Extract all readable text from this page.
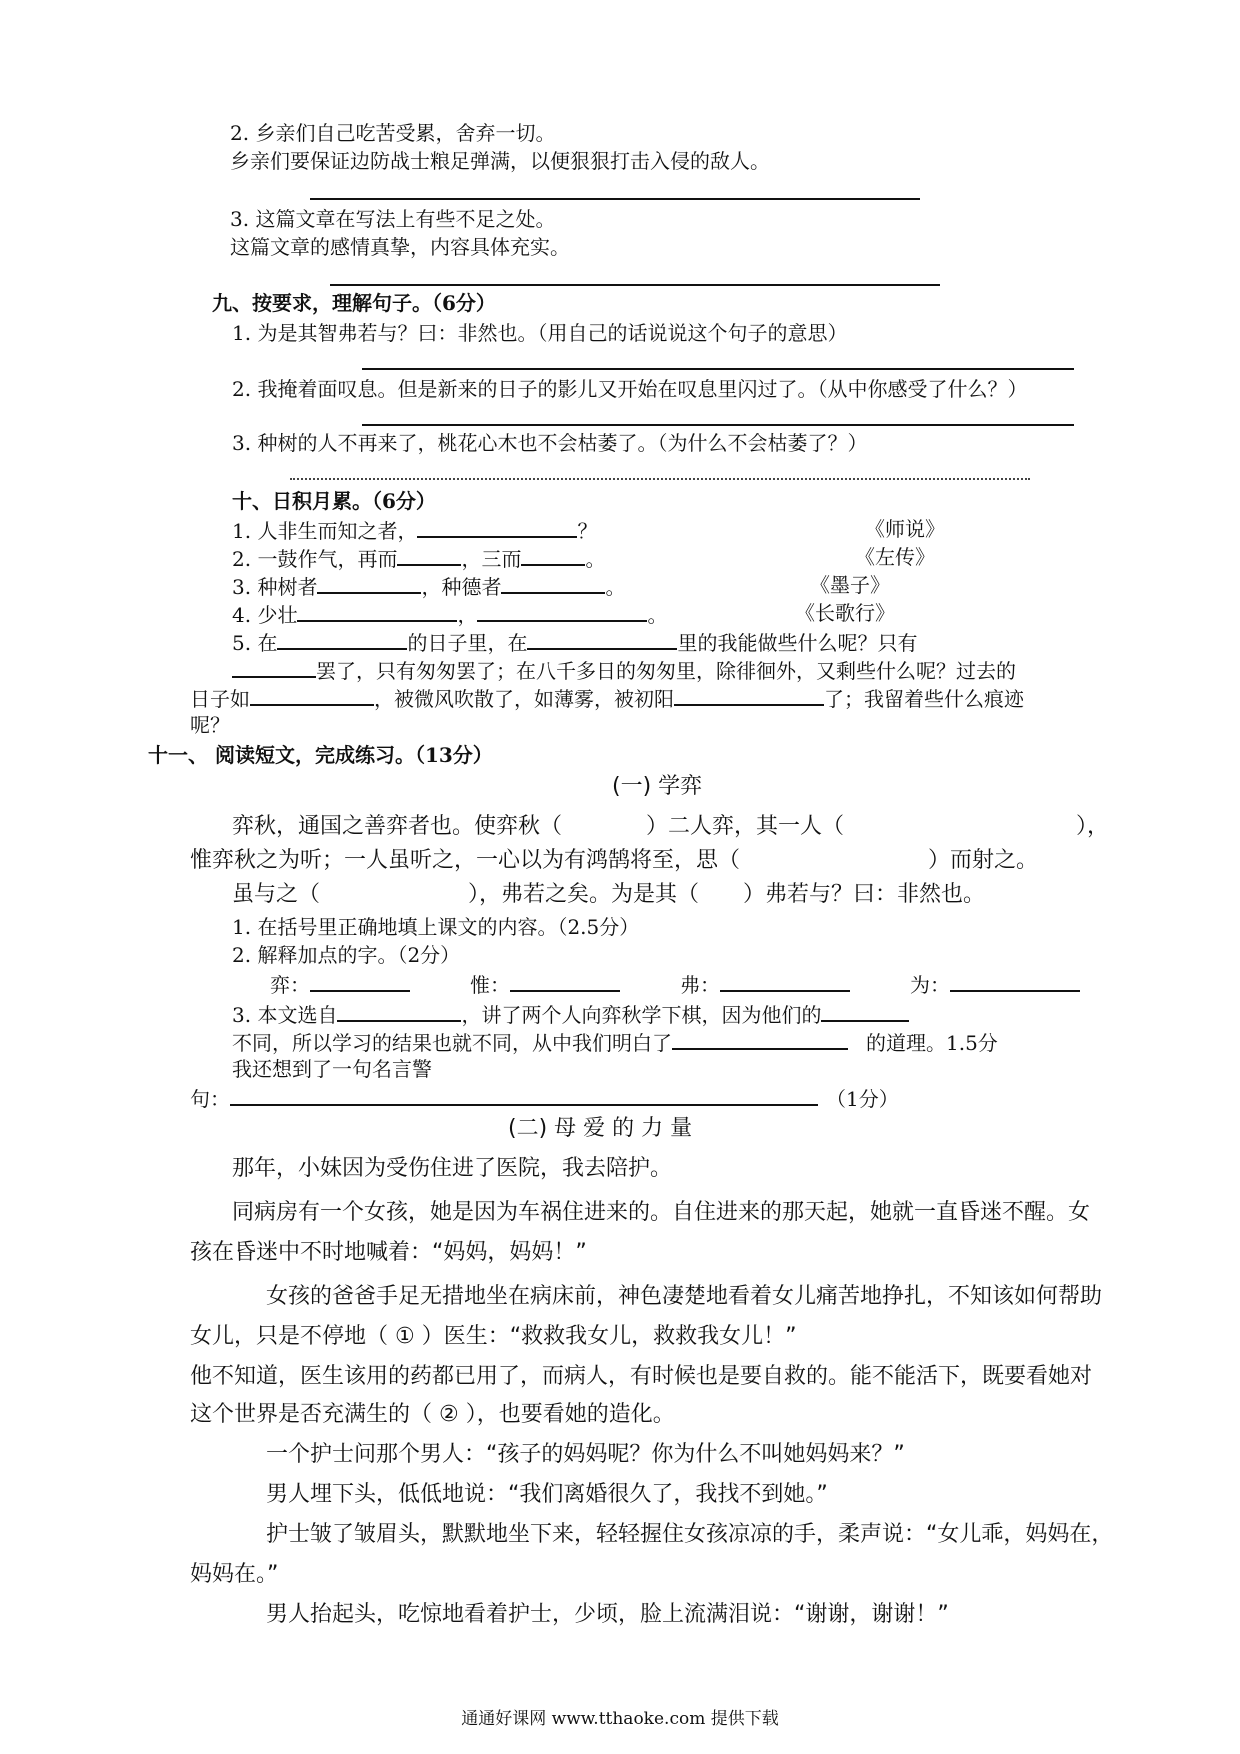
2. 乡亲们自己吃苦受累，舍弃一切。
乡亲们要保证边防战士粮足弹满，以便狠狠打击入侵的敌人。
3. 这篇文章在写法上有些不足之处。
这篇文章的感情真挚，内容具体充实。
九、按要求，理解句子。（6分）
1. 为是其智弗若与？曰：非然也。（用自己的话说说这个句子的意思）
2. 我掩着面叹息。但是新来的日子的影儿又开始在叹息里闪过了。（从中你感受了什么？）
3. 种树的人不再来了，桃花心木也不会枯萎了。（为什么不会枯萎了？）
十、日积月累。（6分）
1. 人非生而知之者，	？	《师说》
2. 一鼓作气，再而	，三而	。	《左传》
3. 种树者	，种德者	。	《墨子》
4. 少壮	，	。	《长歌行》
5. 在	的日子里，在	里的我能做些什么呢？只有
罢了，只有匆匆罢了；在八千多日的匆匆里，除徘徊外，又剩些什么呢？过去的
日子如	，被微风吹散了，如薄雾，被初阳	了；我留着些什么痕迹
呢？
十一、 阅读短文，完成练习。（13分）
(一) 学弈
弈秋，通国之善弈者也。使弈秋（	）二人弈，其一人（	），
惟弈秋之为听；一人虽听之，一心以为有鸿鹄将至，思（	）而射之。
虽与之（	），弗若之矣。为是其（ ）弗若与？曰：非然也。
1. 在括号里正确地填上课文的内容。（2.5分）
2. 解释加点的字。（2分）
弈：	惟：	弗：	为：
3. 本文选自	，讲了两个人向弈秋学下棋，因为他们的
不同，所以学习的结果也就不同，从中我们明白了	的道理。1.5分
我还想到了一句名言警
句：	（1分）
(二) 母 爱 的 力 量
那年，小妹因为受伤住进了医院，我去陪护。
同病房有一个女孩，她是因为车祸住进来的。自住进来的那天起，她就一直昏迷不醒。女
孩在昏迷中不时地喊着：“妈妈，妈妈！”
女孩的爸爸手足无措地坐在病床前，神色凄楚地看着女儿痛苦地挣扎，不知该如何帮助
女儿，只是不停地（ ① ）医生：“救救我女儿，救救我女儿！”
他不知道，医生该用的药都已用了，而病人，有时候也是要自救的。能不能活下，既要看她对
这个世界是否充满生的（ ② ），也要看她的造化。
一个护士问那个男人：“孩子的妈妈呢？你为什么不叫她妈妈来？”
男人埋下头，低低地说：“我们离婚很久了，我找不到她。”
护士皱了皱眉头，默默地坐下来，轻轻握住女孩凉凉的手，柔声说：“女儿乖，妈妈在，
妈妈在。”
男人抬起头，吃惊地看着护士，少顷，脸上流满泪说：“谢谢，谢谢！”
通通好课网 www.tthaoke.com 提供下载
